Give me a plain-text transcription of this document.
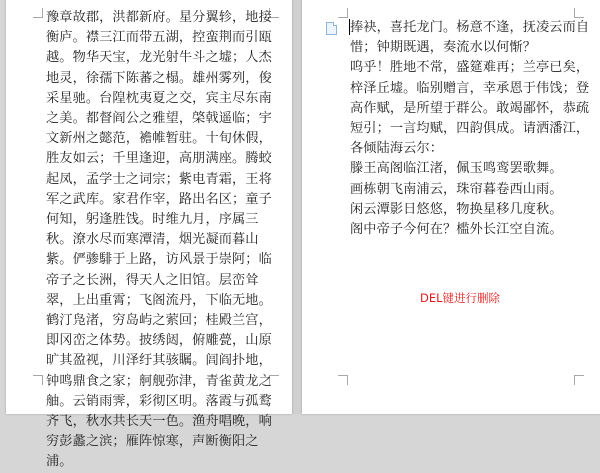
豫章故郡，洪都新府。星分翼轸，地接衡庐。襟三江而带五湖，控蛮荆而引瓯越。物华天宝，龙光射牛斗之墟；人杰地灵，徐孺下陈蕃之榻。雄州雾列，俊采星驰。台隍枕夷夏之交，宾主尽东南之美。都督阎公之雅望，棨戟遥临；宇文新州之懿范，襜帷暂驻。十旬休假，胜友如云；千里逢迎，高朋满座。腾蛟起凤，孟学士之词宗；紫电青霜，王将军之武库。家君作宰，路出名区；童子何知，躬逢胜饯。时维九月，序属三秋。潦水尽而寒潭清，烟光凝而暮山紫。俨骖騑于上路，访风景于崇阿；临帝子之长洲，得天人之旧馆。层峦耸翠，上出重霄；飞阁流丹，下临无地。鹤汀凫渚，穷岛屿之萦回；桂殿兰宫，即冈峦之体势。披绣闼，俯雕甍，山原旷其盈视，川泽纡其骇瞩。闾阎扑地，钟鸣鼎食之家；舸舰弥津，青雀黄龙之舳。云销雨霁，彩彻区明。落霞与孤鹜齐飞，秋水共长天一色。渔舟唱晚，响穷彭蠡之滨；雁阵惊寒，声断衡阳之浦。

捧袂，喜托龙门。杨意不逢，抚凌云而自惜；钟期既遇，奏流水以何惭？
呜乎！胜地不常，盛筵难再；兰亭已矣，梓泽丘墟。临别赠言，幸承恩于伟饯；登高作赋，是所望于群公。敢竭鄙怀，恭疏短引；一言均赋，四韵俱成。请洒潘江，各倾陆海云尔：
滕王高阁临江渚，佩玉鸣鸾罢歌舞。
画栋朝飞南浦云，珠帘暮卷西山雨。
闲云潭影日悠悠，物换星移几度秋。
阁中帝子今何在？槛外长江空自流。
DEL键进行删除
